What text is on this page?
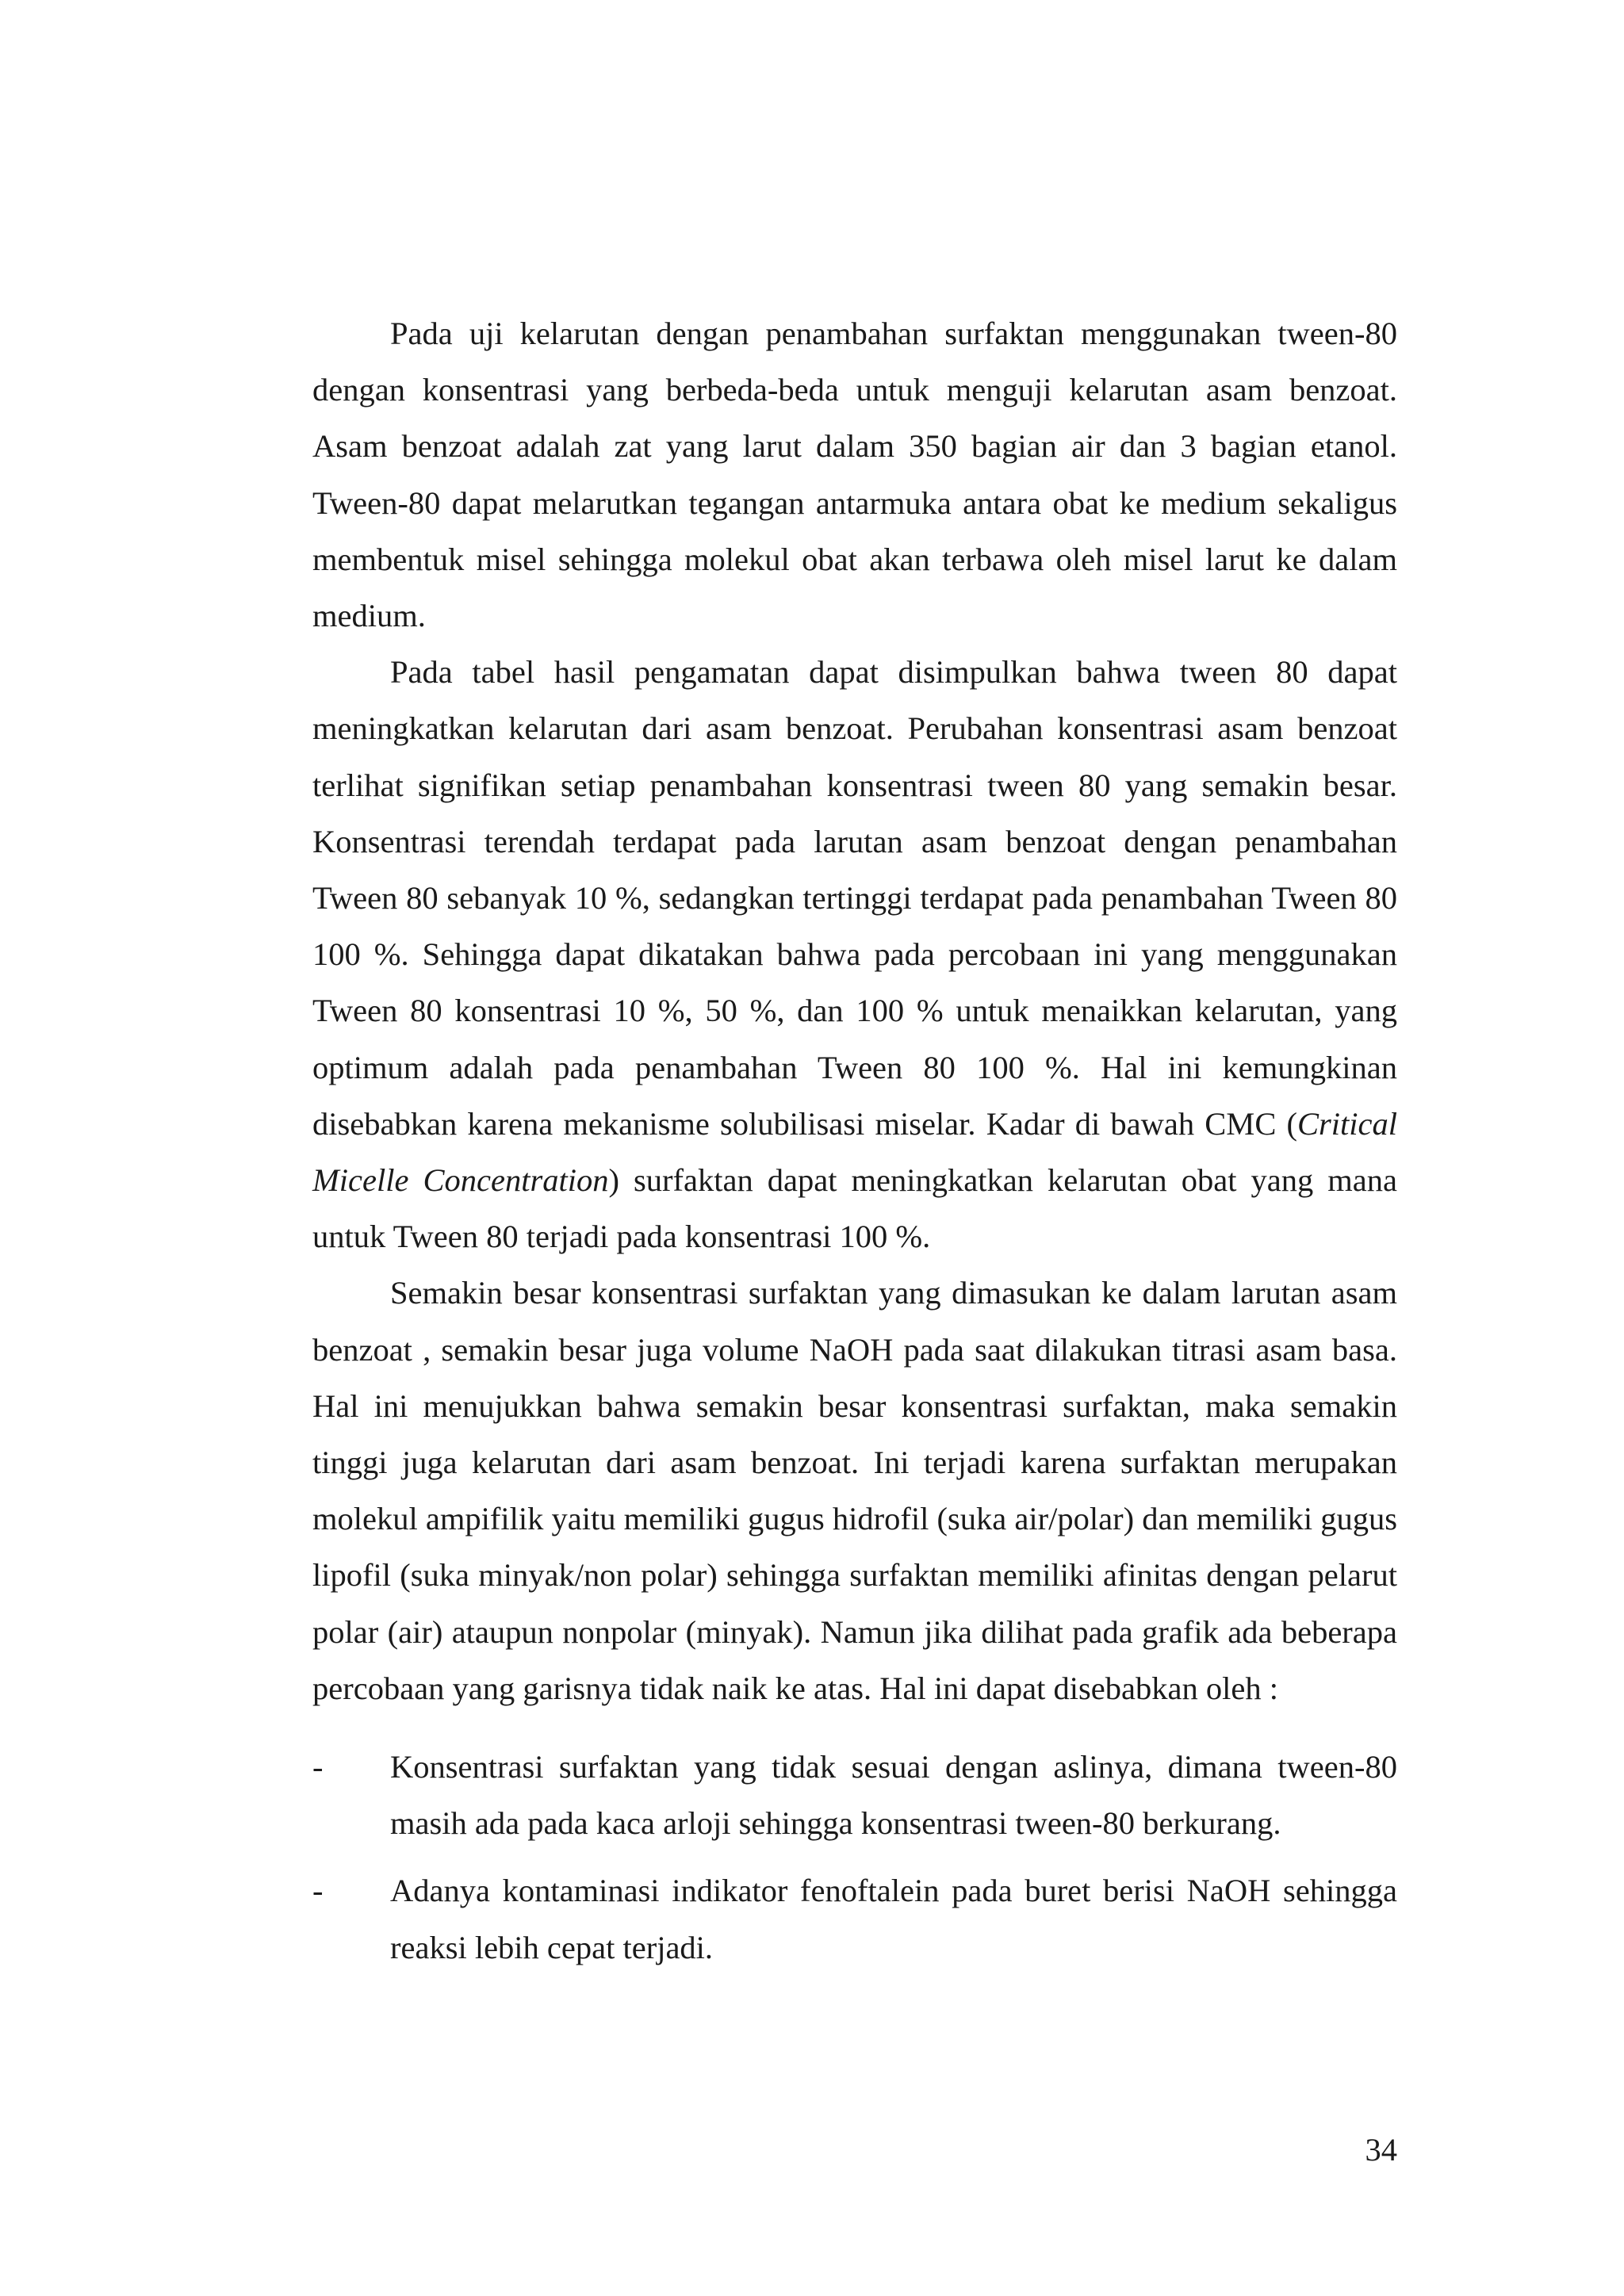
Pada uji kelarutan dengan penambahan surfaktan menggunakan tween-80 dengan konsentrasi yang berbeda-beda untuk menguji kelarutan asam benzoat. Asam benzoat adalah zat yang larut dalam 350 bagian air dan 3 bagian etanol. Tween-80 dapat melarutkan tegangan antarmuka antara obat ke medium sekaligus membentuk misel sehingga molekul obat akan terbawa oleh misel larut ke dalam medium.

Pada tabel hasil pengamatan dapat disimpulkan bahwa tween 80 dapat meningkatkan kelarutan dari asam benzoat. Perubahan konsentrasi asam benzoat terlihat signifikan setiap penambahan konsentrasi tween 80 yang semakin besar. Konsentrasi terendah terdapat pada larutan asam benzoat dengan penambahan Tween 80 sebanyak 10 %, sedangkan tertinggi terdapat pada penambahan Tween 80 100 %. Sehingga dapat dikatakan bahwa pada percobaan ini yang menggunakan Tween 80 konsentrasi 10 %, 50 %, dan 100 % untuk menaikkan kelarutan, yang optimum adalah pada penambahan Tween 80 100 %. Hal ini kemungkinan disebabkan karena mekanisme solubilisasi miselar. Kadar di bawah CMC (Critical Micelle Concentration) surfaktan dapat meningkatkan kelarutan obat yang mana untuk Tween 80 terjadi pada konsentrasi 100 %.

Semakin besar konsentrasi surfaktan yang dimasukan ke dalam larutan asam benzoat , semakin besar juga volume NaOH pada saat dilakukan titrasi asam basa. Hal ini menujukkan bahwa semakin besar konsentrasi surfaktan, maka semakin tinggi juga kelarutan dari asam benzoat. Ini terjadi karena surfaktan merupakan molekul ampifilik yaitu memiliki gugus hidrofil (suka air/polar) dan memiliki gugus lipofil (suka minyak/non polar) sehingga surfaktan memiliki afinitas dengan pelarut polar (air) ataupun nonpolar (minyak). Namun jika dilihat pada grafik ada beberapa percobaan yang garisnya tidak naik ke atas. Hal ini dapat disebabkan oleh :

- Konsentrasi surfaktan yang tidak sesuai dengan aslinya, dimana tween-80 masih ada pada kaca arloji sehingga konsentrasi tween-80 berkurang.
- Adanya kontaminasi indikator fenoftalein pada buret berisi NaOH sehingga reaksi lebih cepat terjadi.
34
